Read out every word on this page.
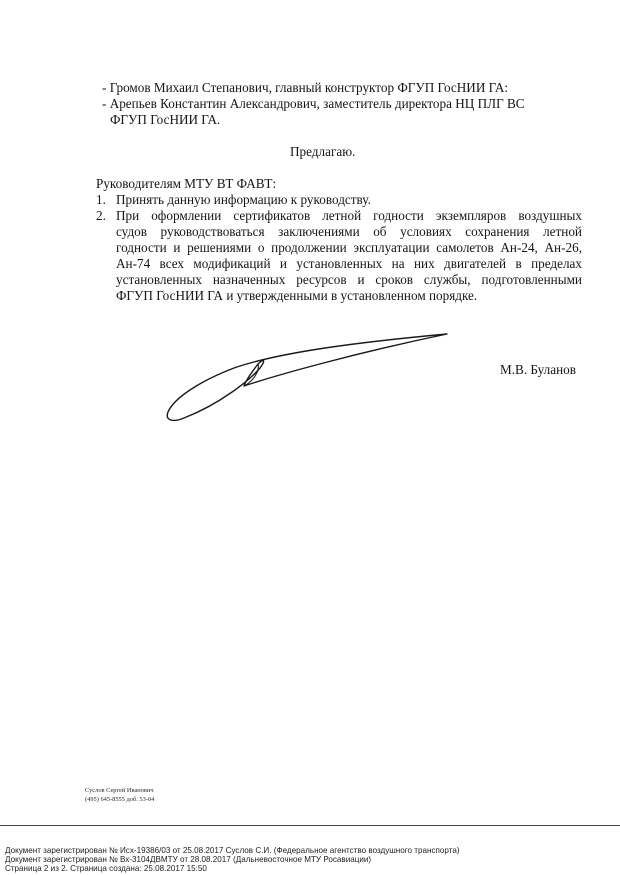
- Громов Михаил Степанович, главный конструктор ФГУП ГосНИИ ГА:
- Арепьев Константин Александрович, заместитель директора НЦ ПЛГ ВС
ФГУП ГосНИИ ГА.
Предлагаю.
Руководителям МТУ ВТ ФАВТ:
1. Принять данную информацию к руководству.
2. При оформлении сертификатов летной годности экземпляров воздушных
судов руководствоваться заключениями об условиях сохранения летной
годности и решениями о продолжении эксплуатации самолетов Ан-24, Ан-26,
Ан-74 всех модификаций и установленных на них двигателей в пределах
установленных назначенных ресурсов и сроков службы, подготовленными
ФГУП ГосНИИ ГА и утвержденными в установленном порядке.
М.В. Буланов
Суслов Сергей Иванович
(495) 645-8555 доб. 53-04
Документ зарегистрирован № Исх-19386/03 от 25.08.2017 Суслов С.И. (Федеральное агентство воздушного транспорта)
Документ зарегистрирован № Вх-3104ДВМТУ от 28.08.2017 (Дальневосточное МТУ Росавиации)
Страница 2 из 2. Страница создана: 25.08.2017 15:50
